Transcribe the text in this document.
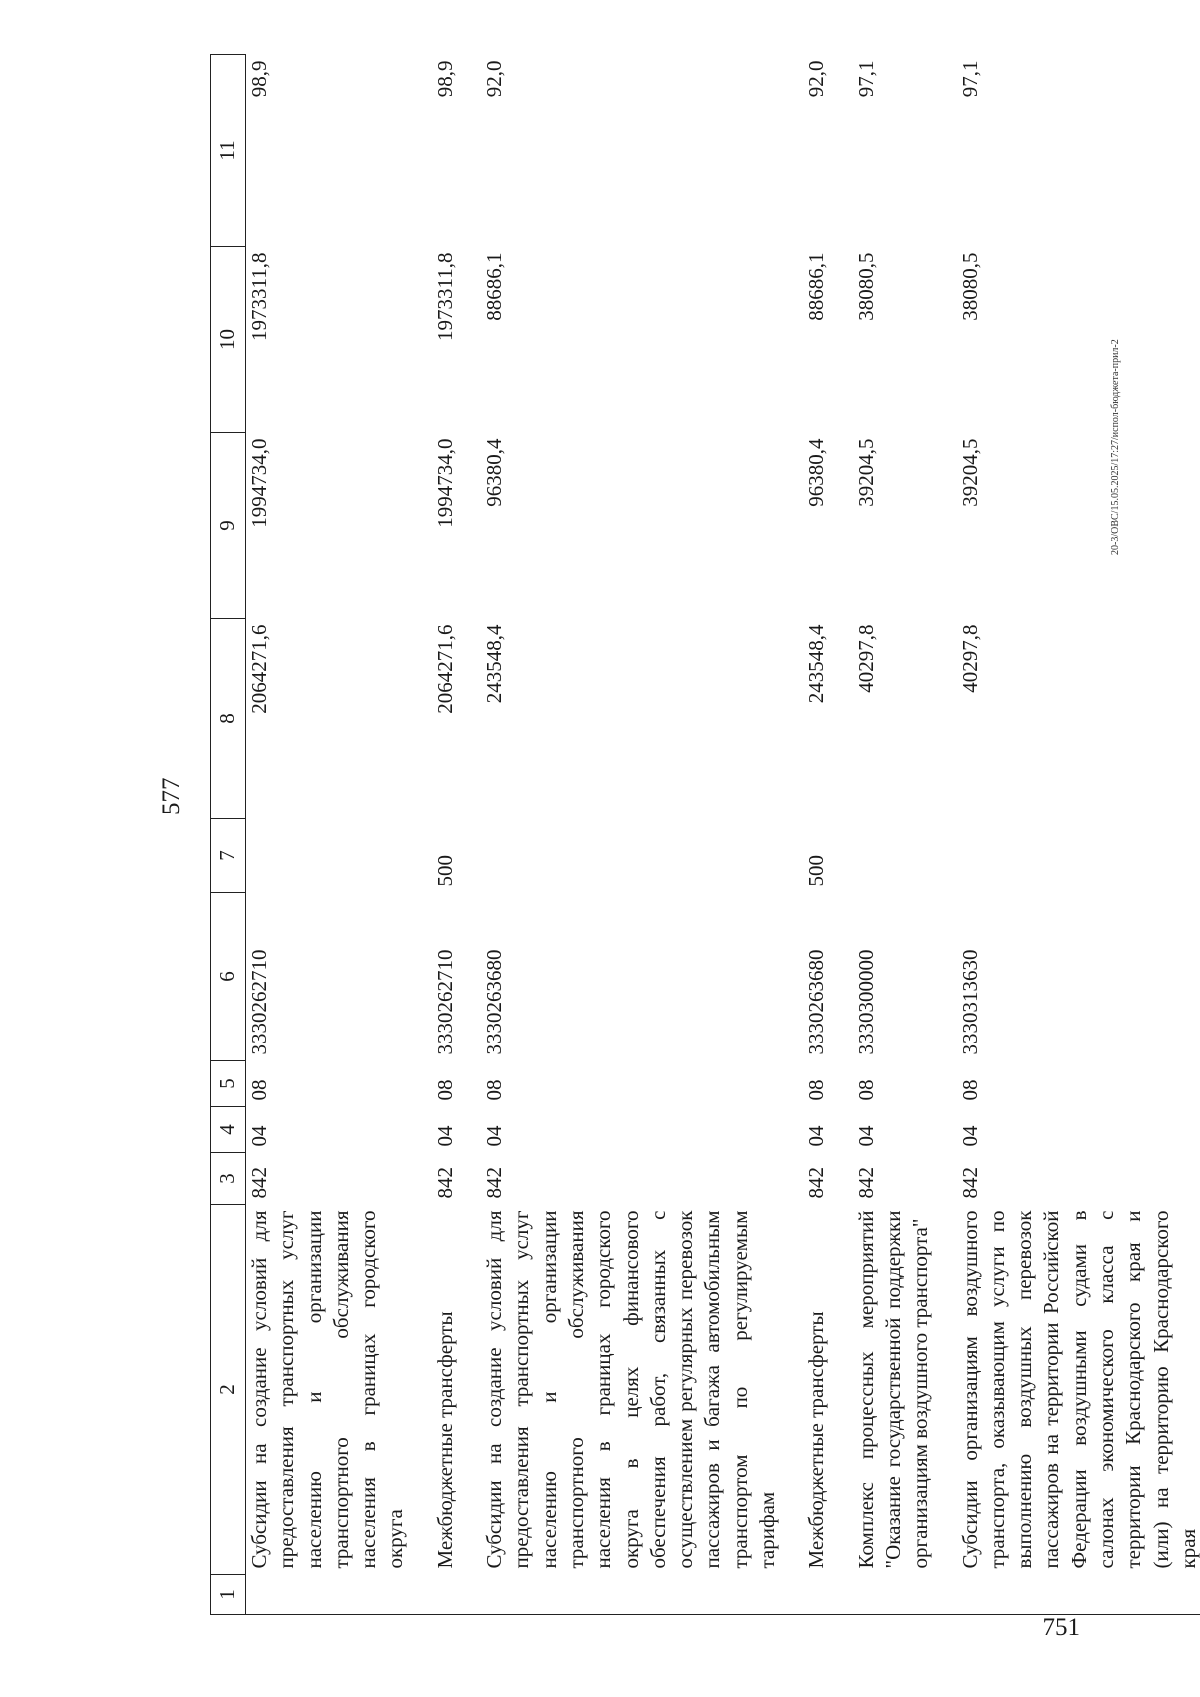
577
1	2	3	4	5	6	7	8	9	10	11
	Субсидии на создание условий для предоставления транспортных услуг населению и организации транспортного обслуживания населения в границах городского округа	842	04	08	3330262710		2064271,6	1994734,0	1973311,8	98,9
	Межбюджетные трансферты	842	04	08	3330262710	500	2064271,6	1994734,0	1973311,8	98,9
	Субсидии на создание условий для предоставления транспортных услуг населению и организации транспортного обслуживания населения в границах городского округа в целях финансового обеспечения работ, связанных с осуществлением регулярных перевозок пассажиров и багажа автомобильным транспортом по регулируемым тарифам	842	04	08	3330263680		243548,4	96380,4	88686,1	92,0
	Межбюджетные трансферты	842	04	08	3330263680	500	243548,4	96380,4	88686,1	92,0
	Комплекс процессных мероприятий "Оказание государственной поддержки организациям воздушного транспорта"	842	04	08	3330300000		40297,8	39204,5	38080,5	97,1
	Субсидии организациям воздушного транспорта, оказывающим услуги по выполнению воздушных перевозок пассажиров на территории Российской Федерации воздушными судами в салонах экономического класса с территории Краснодарского края и (или) на территорию Краснодарского края	842	04	08	3330313630		40297,8	39204,5	38080,5	97,1
20-3/ОВС/15.05.2025/17:27/испол-бюджета-прил-2
751
